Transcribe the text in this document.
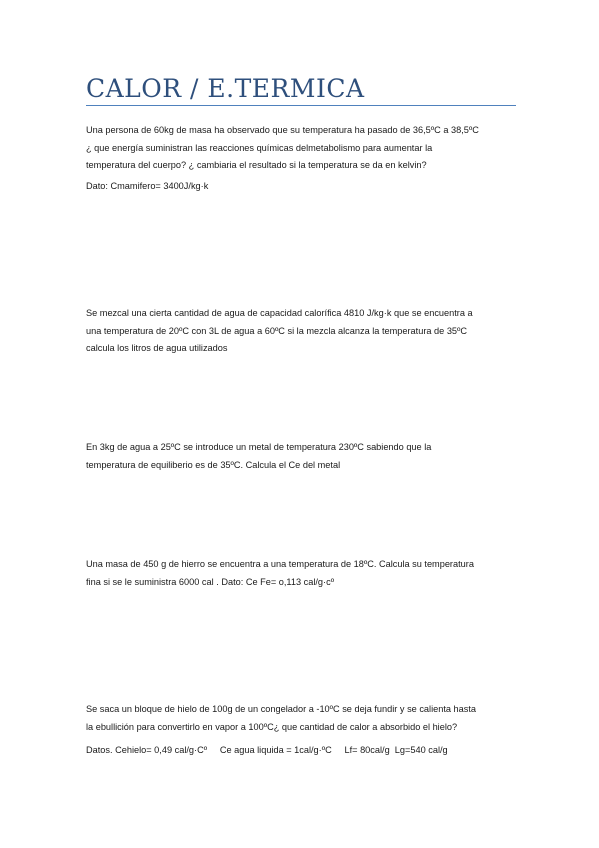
CALOR / E.TERMICA
Una persona de 60kg de masa ha observado que su temperatura ha pasado de 36,5ºC a 38,5ºC
¿ que energía suministran las reacciones químicas delmetabolismo para aumentar la
temperatura del cuerpo? ¿ cambiaria el resultado si la temperatura se da en kelvin?
Dato: Cmamifero= 3400J/kg·k
Se mezcal una cierta cantidad de agua de capacidad calorífica 4810 J/kg·k que se encuentra a
una temperatura de 20ºC con 3L de agua a 60ºC si la mezcla alcanza la temperatura de 35ºC
calcula los litros de agua utilizados
En 3kg de agua a 25ºC se introduce un metal de temperatura 230ºC sabiendo que la
temperatura de equiliberio es de 35ºC. Calcula el Ce del metal
Una masa de 450 g de hierro se encuentra a una temperatura de 18ºC. Calcula su temperatura
fina si se le suministra 6000 cal . Dato: Ce Fe= o,113 cal/g·cº
Se saca un bloque de hielo de 100g de un congelador a -10ºC se deja fundir y se calienta hasta
la ebullición para convertirlo en vapor a 100ºC¿ que cantidad de calor a absorbido el hielo?
Datos. Cehielo= 0,49 cal/g·Cº     Ce agua liquida = 1cal/g·ºC     Lf= 80cal/g  Lg=540 cal/g
